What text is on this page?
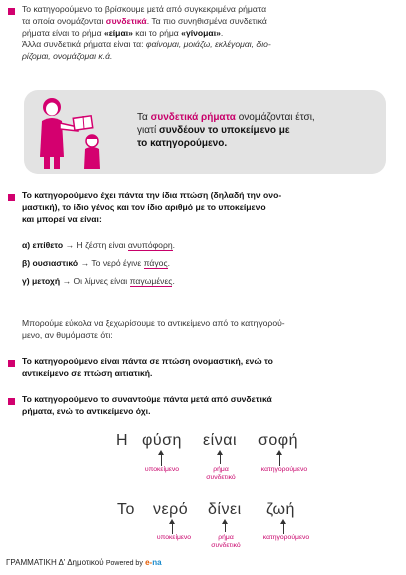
Το κατηγορούμενο το βρίσκουμε μετά από συγκεκριμένα ρήματα
τα οποία ονομάζονται συνδετικά. Τα πιο συνηθισμένα συνδετικά
ρήματα είναι το ρήμα «είμαι» και το ρήμα «γίνομαι».
Άλλα συνδετικά ρήματα είναι τα: φαίνομαι, μοιάζω, εκλέγομαι, διο-
ρίζομαι, ονομάζομαι κ.ά.
Τα συνδετικά ρήματα ονομάζονται έτσι,
γιατί συνδέουν το υποκείμενο με
το κατηγορούμενο.
Το κατηγορούμενο έχει πάντα την ίδια πτώση (δηλαδή την ονο-
μαστική), το ίδιο γένος και τον ίδιο αριθμό με το υποκείμενο
και μπορεί να είναι:
α) επίθετο → Η ζέστη είναι ανυπόφορη.
β) ουσιαστικό → Το νερό έγινε πάγος.
γ) μετοχή → Οι λίμνες είναι παγωμένες.
Μπορούμε εύκολα να ξεχωρίσουμε το αντικείμενο από το κατηγορού-
μενο, αν θυμόμαστε ότι:
Το κατηγορούμενο είναι πάντα σε πτώση ονομαστική, ενώ το
αντικείμενο σε πτώση αιτιατική.
Το κατηγορούμενο το συναντούμε πάντα μετά από συνδετικά
ρήματα, ενώ το αντικείμενο όχι.
Η φύση είναι σοφή
υποκείμενο	ρήμα
συνδετικό
κατηγορούμενο
Το νερό δίνει ζωή
υποκείμενο	ρήμα
συνδετικό
κατηγορούμενο
ΓΡΑΜΜΑΤΙΚΗ Δ' Δημοτικού Powered by e-na
